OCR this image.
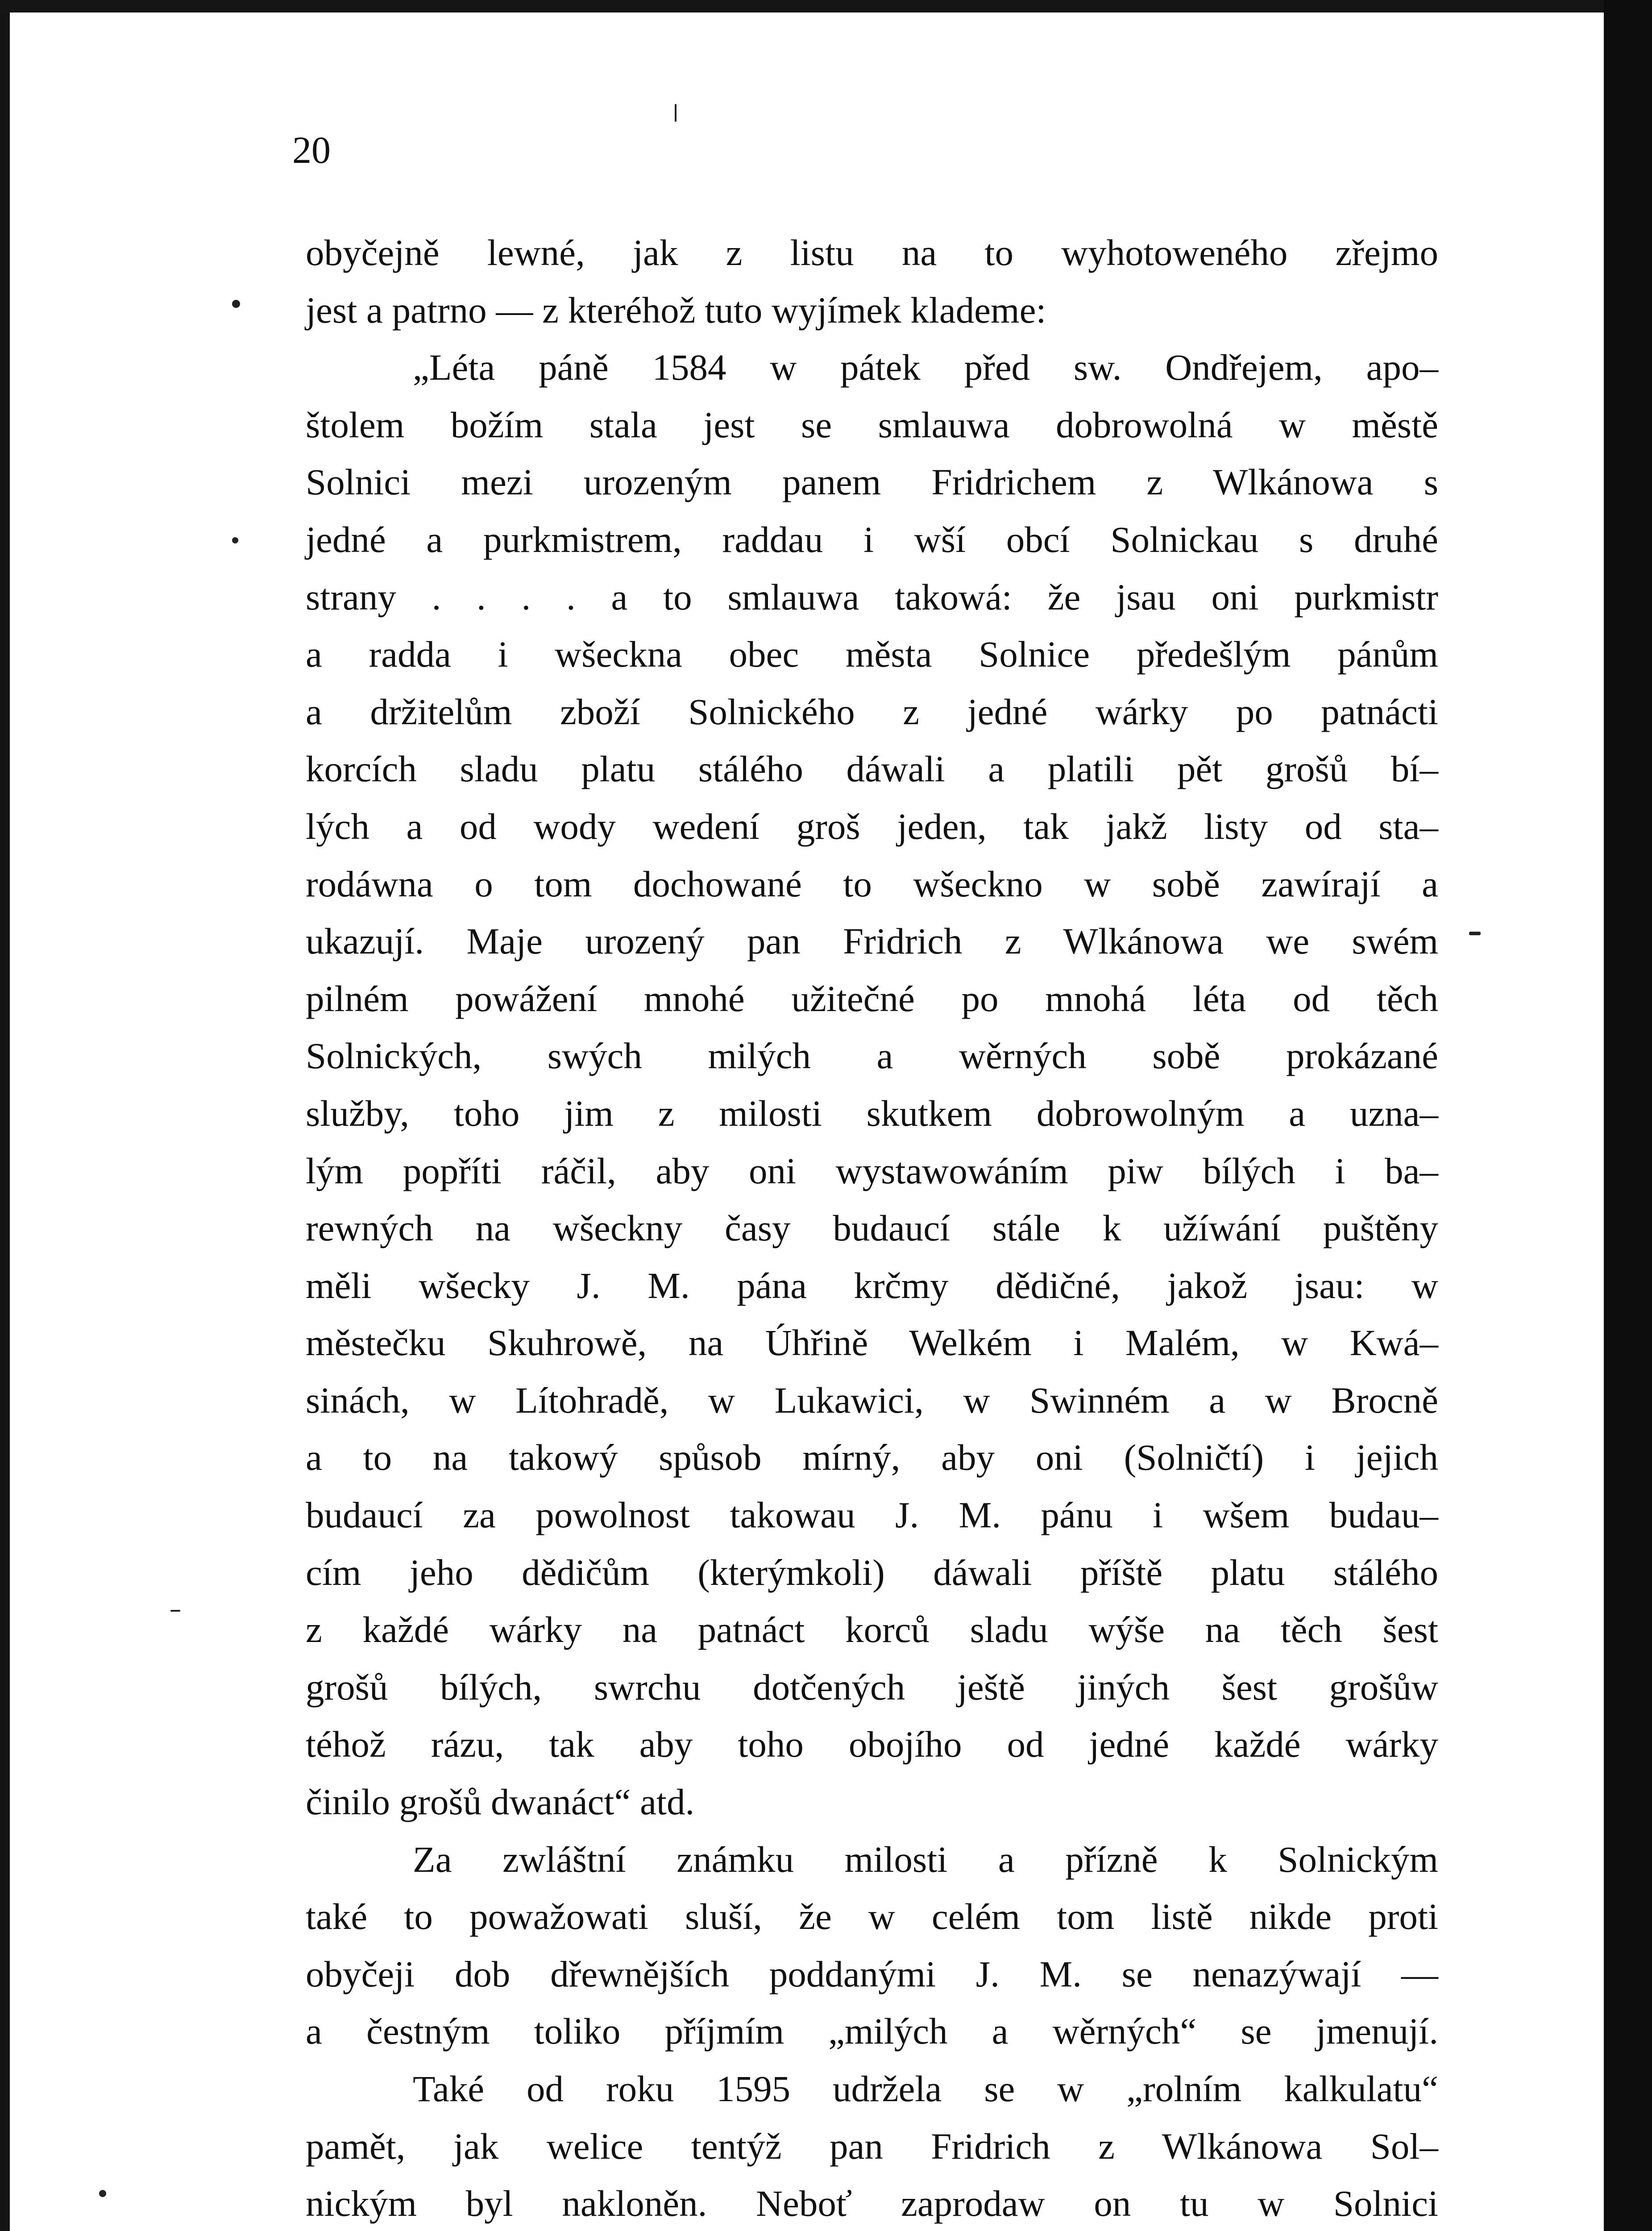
20
obyčejně lewné, jak z listu na to wyhotoweného zřejmo
jest a patrno — z kteréhož tuto wyjímek klademe:
„Léta páně 1584 w pátek před sw. Ondřejem, apo–
štolem božím stala jest se smlauwa dobrowolná w městě
Solnici mezi urozeným panem Fridrichem z Wlkánowa s
jedné a purkmistrem, raddau i wší obcí Solnickau s druhé
strany . . . . a to smlauwa takowá: že jsau oni purkmistr
a radda i wšeckna obec města Solnice předešlým pánům
a držitelům zboží Solnického z jedné wárky po patnácti
korcích sladu platu stálého dáwali a platili pět grošů bí–
lých a od wody wedení groš jeden, tak jakž listy od sta–
rodáwna o tom dochowané to wšeckno w sobě zawírají a
ukazují. Maje urozený pan Fridrich z Wlkánowa we swém
pilném powážení mnohé užitečné po mnohá léta od těch
Solnických, swých milých a wěrných sobě prokázané
služby, toho jim z milosti skutkem dobrowolným a uzna–
lým popříti ráčil, aby oni wystawowáním piw bílých i ba–
rewných na wšeckny časy budaucí stále k užíwání puštěny
měli wšecky J. M. pána krčmy dědičné, jakož jsau: w
městečku Skuhrowě, na Úhřině Welkém i Malém, w Kwá–
sinách, w Lítohradě, w Lukawici, w Swinném a w Brocně
a to na takowý spůsob mírný, aby oni (Solničtí) i jejich
budaucí za powolnost takowau J. M. pánu i wšem budau–
cím jeho dědičům (kterýmkoli) dáwali příště platu stálého
z každé wárky na patnáct korců sladu wýše na těch šest
grošů bílých, swrchu dotčených ještě jiných šest grošůw
téhož rázu, tak aby toho obojího od jedné každé wárky
činilo grošů dwanáct“ atd.
Za zwláštní známku milosti a přízně k Solnickým
také to powažowati sluší, že w celém tom listě nikde proti
obyčeji dob dřewnějších poddanými J. M. se nenazýwají —
a čestným toliko příjmím „milých a wěrných“ se jmenují.
Také od roku 1595 udržela se w „rolním kalkulatu“
pamět, jak welice tentýž pan Fridrich z Wlkánowa Sol–
nickým byl nakloněn. Neboť zaprodaw on tu w Solnici
